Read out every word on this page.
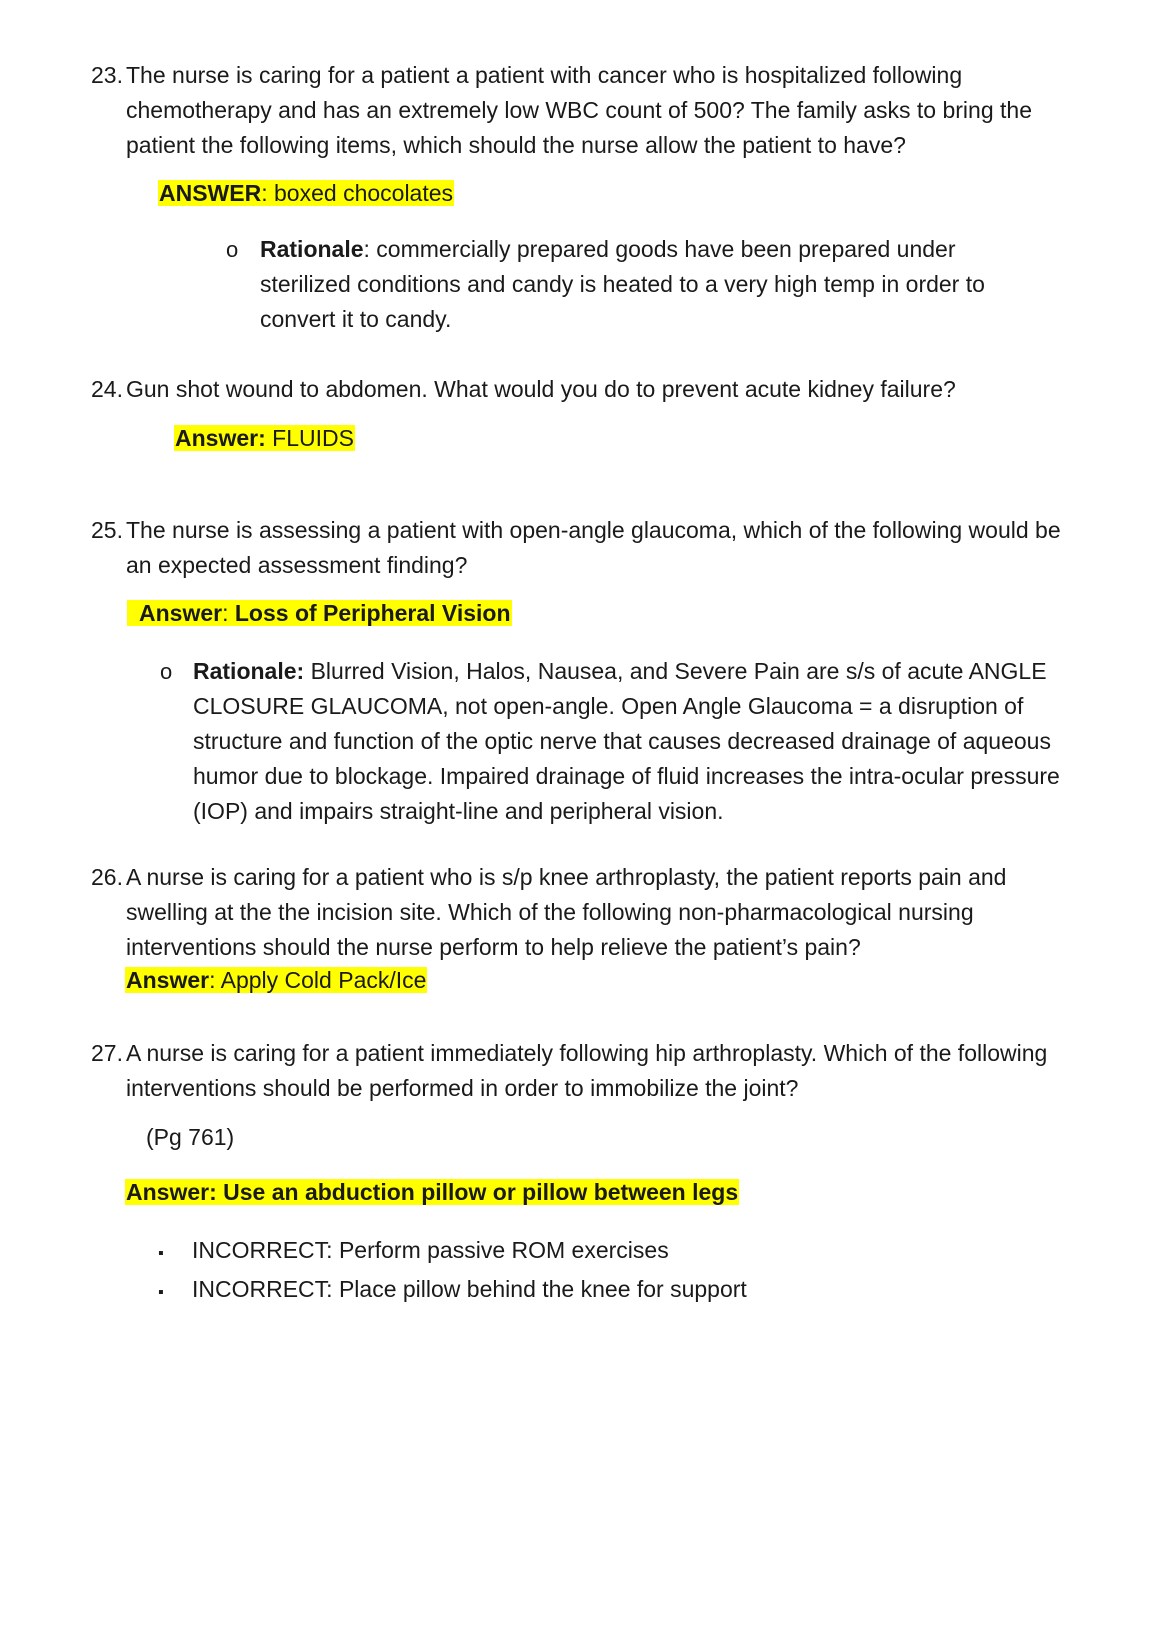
23. The nurse is caring for a patient a patient with cancer who is hospitalized following chemotherapy and has an extremely low WBC count of 500? The family asks to bring the patient the following items, which should the nurse allow the patient to have?
ANSWER: boxed chocolates
o Rationale: commercially prepared goods have been prepared under sterilized conditions and candy is heated to a very high temp in order to convert it to candy.
24. Gun shot wound to abdomen. What would you do to prevent acute kidney failure?
Answer: FLUIDS
25. The nurse is assessing a patient with open-angle glaucoma, which of the following would be an expected assessment finding?
Answer: Loss of Peripheral Vision
o Rationale: Blurred Vision, Halos, Nausea, and Severe Pain are s/s of acute ANGLE CLOSURE GLAUCOMA, not open-angle. Open Angle Glaucoma = a disruption of structure and function of the optic nerve that causes decreased drainage of aqueous humor due to blockage. Impaired drainage of fluid increases the intra-ocular pressure (IOP) and impairs straight-line and peripheral vision.
26. A nurse is caring for a patient who is s/p knee arthroplasty, the patient reports pain and swelling at the the incision site. Which of the following non-pharmacological nursing interventions should the nurse perform to help relieve the patient’s pain?
Answer: Apply Cold Pack/Ice
27. A nurse is caring for a patient immediately following hip arthroplasty. Which of the following interventions should be performed in order to immobilize the joint?
(Pg 761)
Answer: Use an abduction pillow or pillow between legs
▪ INCORRECT: Perform passive ROM exercises
▪ INCORRECT: Place pillow behind the knee for support
